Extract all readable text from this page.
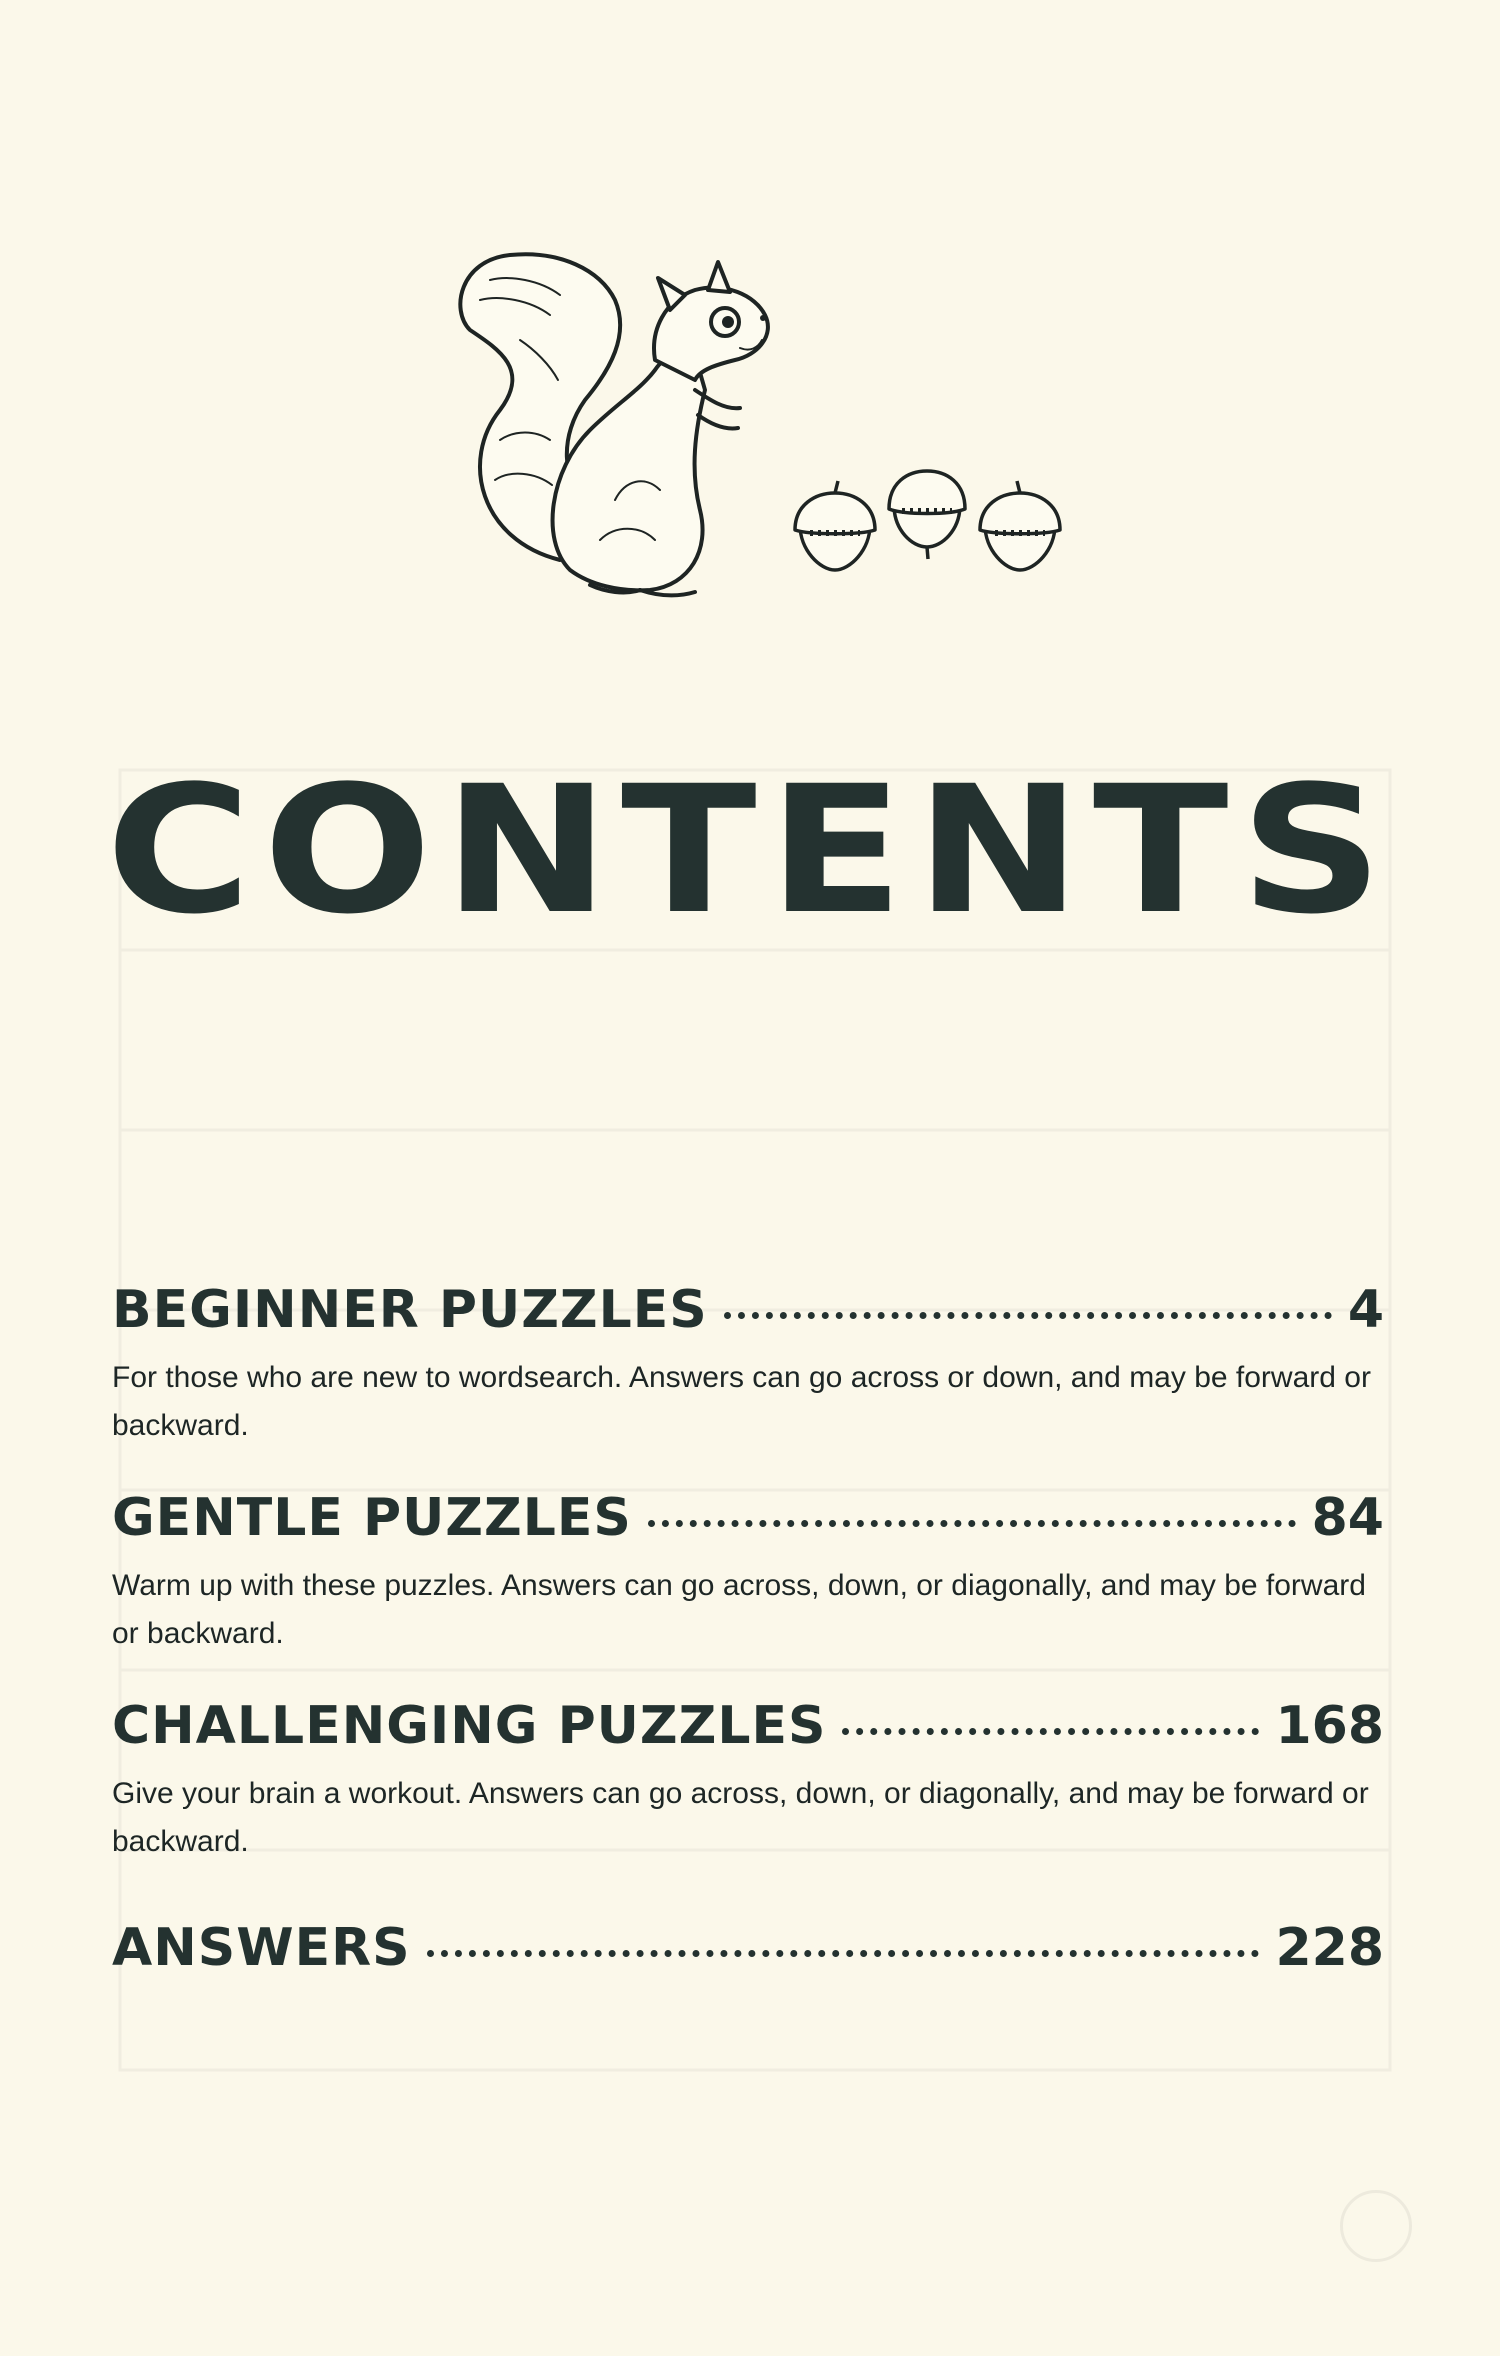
CONTENTS
BEGINNER PUZZLES	4

For those who are new to wordsearch. Answers can go across or down, and may be forward or backward.

GENTLE PUZZLES	84

Warm up with these puzzles. Answers can go across, down, or diagonally, and may be forward or backward.

CHALLENGING PUZZLES	168

Give your brain a workout. Answers can go across, down, or diagonally, and may be forward or backward.

ANSWERS	228
